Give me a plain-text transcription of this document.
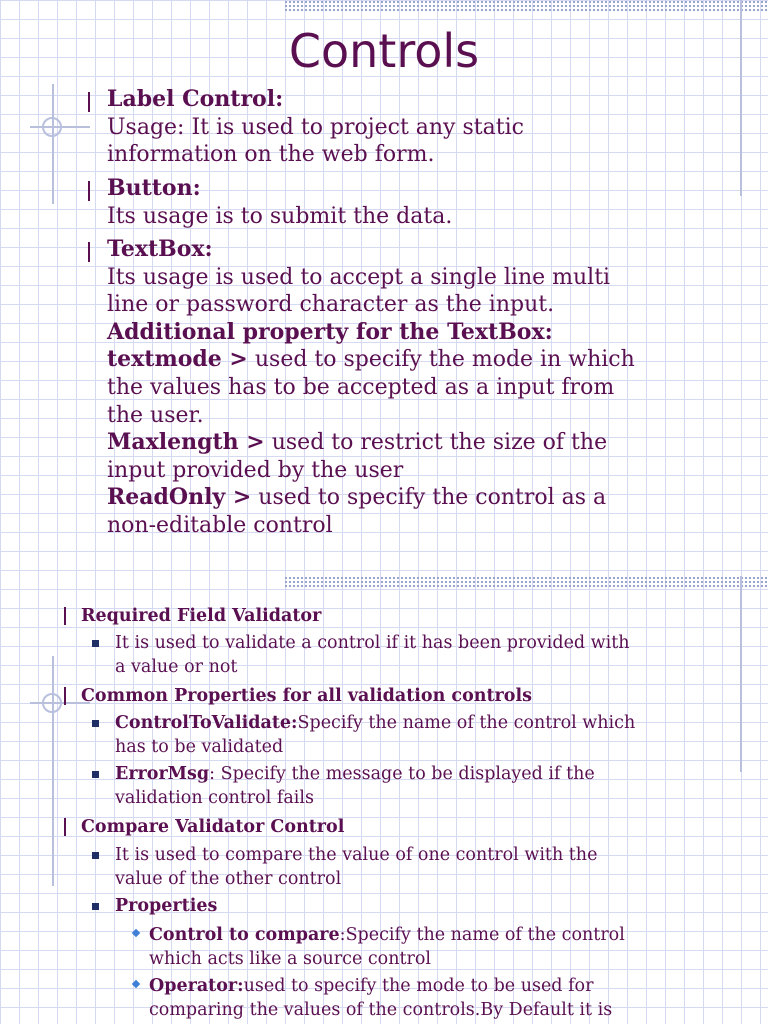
Controls
Label Control:
Usage: It is used to project any static
information on the web form.
Button:
Its usage is to submit the data.
TextBox:
Its usage is used to accept a single line multi
line or password character as the input.
Additional property for the TextBox:
textmode > used to specify the mode in which
the values has to be accepted as a input from
the user.
Maxlength > used to restrict the size of the
input provided by the user
ReadOnly > used to specify the control as a
non-editable control
Required Field Validator
It is used to validate a control if it has been provided with
a value or not
Common Properties for all validation controls
ControlToValidate:Specify the name of the control which
has to be validated
ErrorMsg: Specify the message to be displayed if the
validation control fails
Compare Validator Control
It is used to compare the value of one control with the
value of the other control
Properties
Control to compare:Specify the name of the control
which acts like a source control
Operator:used to specify the mode to be used for
comparing the values of the controls.By Default it is
